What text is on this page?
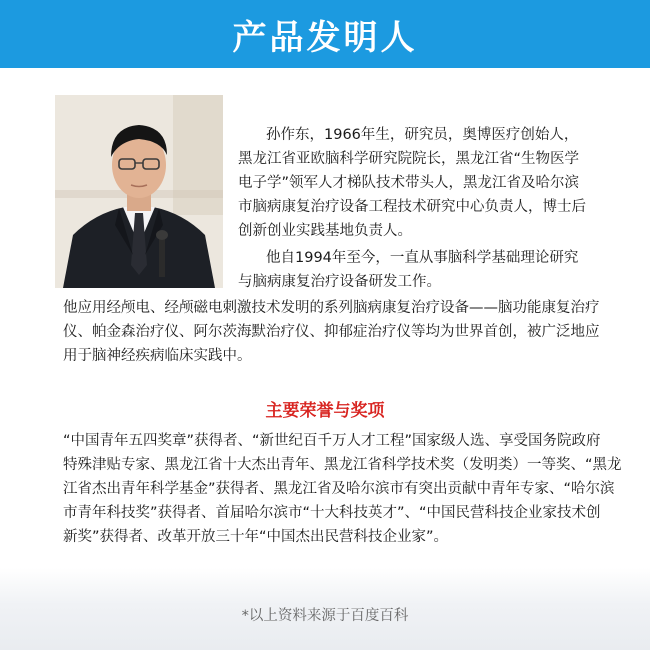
产品发明人
孙作东，1966年生，研究员，奥博医疗创始人，
黑龙江省亚欧脑科学研究院院长，黑龙江省“生物医学
电子学”领军人才梯队技术带头人，黑龙江省及哈尔滨
市脑病康复治疗设备工程技术研究中心负责人，博士后
创新创业实践基地负责人。
他自1994年至今，一直从事脑科学基础理论研究
与脑病康复治疗设备研发工作。
他应用经颅电、经颅磁电刺激技术发明的系列脑病康复治疗设备——脑功能康复治疗
仪、帕金森治疗仪、阿尔茨海默治疗仪、抑郁症治疗仪等均为世界首创，被广泛地应
用于脑神经疾病临床实践中。
主要荣誉与奖项
“中国青年五四奖章”获得者、“新世纪百千万人才工程”国家级人选、享受国务院政府
特殊津贴专家、黑龙江省十大杰出青年、黑龙江省科学技术奖（发明类）一等奖、“黑龙
江省杰出青年科学基金”获得者、黑龙江省及哈尔滨市有突出贡献中青年专家、“哈尔滨
市青年科技奖”获得者、首届哈尔滨市“十大科技英才”、“中国民营科技企业家技术创
新奖”获得者、改革开放三十年“中国杰出民营科技企业家”。
*以上资料来源于百度百科
